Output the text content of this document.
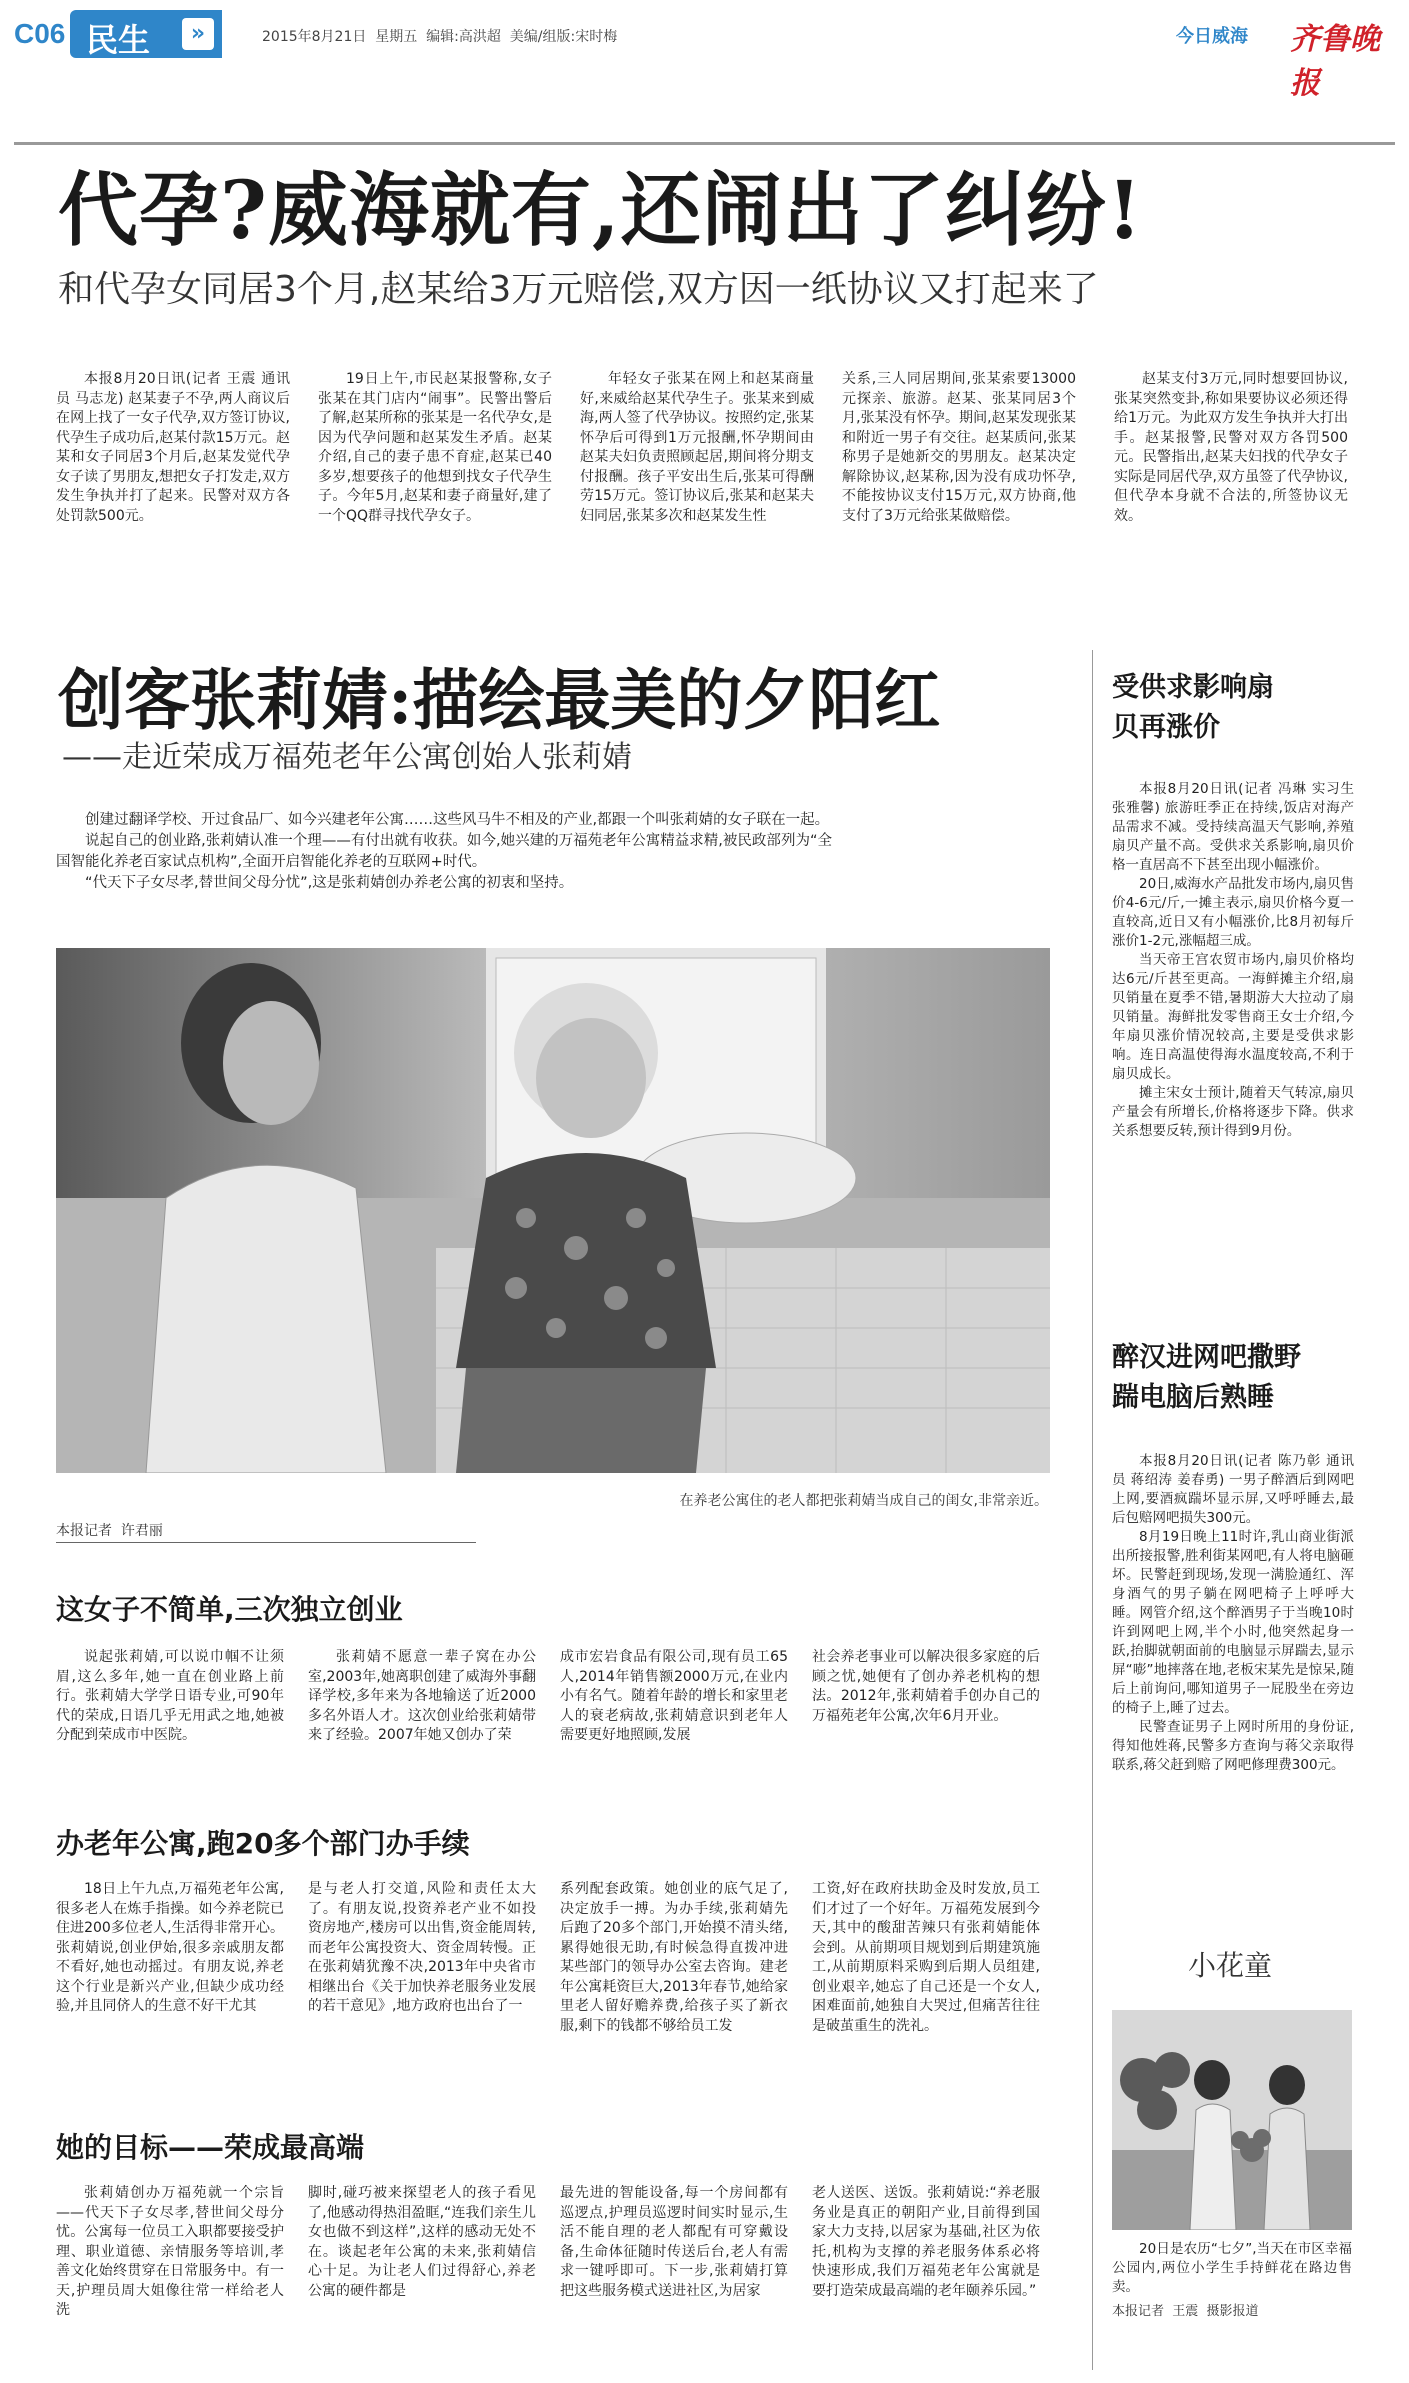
C06 民生	»	2015年8月21日  星期五  编辑:高洪超  美编/组版:宋时梅	今日威海 齐鲁晚报
代孕?威海就有,还闹出了纠纷!
和代孕女同居3个月,赵某给3万元赔偿,双方因一纸协议又打起来了
本报8月20日讯(记者 王震 通讯员 马志龙) 赵某妻子不孕,两人商议后在网上找了一女子代孕,双方签订协议,代孕生子成功后,赵某付款15万元。赵某和女子同居3个月后,赵某发觉代孕女子读了男朋友,想把女子打发走,双方发生争执并打了起来。民警对双方各处罚款500元。
19日上午,市民赵某报警称,女子张某在其门店内“闹事”。民警出警后了解,赵某所称的张某是一名代孕女,是因为代孕问题和赵某发生矛盾。赵某介绍,自己的妻子患不育症,赵某已40多岁,想要孩子的他想到找女子代孕生子。今年5月,赵某和妻子商量好,建了一个QQ群寻找代孕女子。
年轻女子张某在网上和赵某商量好,来威给赵某代孕生子。张某来到威海,两人签了代孕协议。按照约定,张某怀孕后可得到1万元报酬,怀孕期间由赵某夫妇负责照顾起居,期间将分期支付报酬。孩子平安出生后,张某可得酬劳15万元。签订协议后,张某和赵某夫妇同居,张某多次和赵某发生性
关系,三人同居期间,张某索要13000元探亲、旅游。赵某、张某同居3个月,张某没有怀孕。期间,赵某发现张某和附近一男子有交往。赵某质问,张某称男子是她新交的男朋友。赵某决定解除协议,赵某称,因为没有成功怀孕,不能按协议支付15万元,双方协商,他支付了3万元给张某做赔偿。
赵某支付3万元,同时想要回协议,张某突然变卦,称如果要协议必须还得给1万元。为此双方发生争执并大打出手。赵某报警,民警对双方各罚500元。民警指出,赵某夫妇找的代孕女子实际是同居代孕,双方虽签了代孕协议,但代孕本身就不合法的,所签协议无效。
创客张莉婧:描绘最美的夕阳红
——走近荣成万福苑老年公寓创始人张莉婧

创建过翻译学校、开过食品厂、如今兴建老年公寓……这些风马牛不相及的产业,都跟一个叫张莉婧的女子联在一起。

说起自己的创业路,张莉婧认准一个理——有付出就有收获。如今,她兴建的万福苑老年公寓精益求精,被民政部列为“全国智能化养老百家试点机构”,全面开启智能化养老的互联网+时代。

“代天下子女尽孝,替世间父母分忧”,这是张莉婧创办养老公寓的初衷和坚持。

在养老公寓住的老人都把张莉婧当成自己的闺女,非常亲近。
本报记者  许君丽
这女子不简单,三次独立创业
说起张莉婧,可以说巾帼不让须眉,这么多年,她一直在创业路上前行。张莉婧大学学日语专业,可90年代的荣成,日语几乎无用武之地,她被分配到荣成市中医院。
张莉婧不愿意一辈子窝在办公室,2003年,她离职创建了威海外事翻译学校,多年来为各地输送了近2000多名外语人才。这次创业给张莉婧带来了经验。2007年她又创办了荣
成市宏岩食品有限公司,现有员工65人,2014年销售额2000万元,在业内小有名气。随着年龄的增长和家里老人的衰老病故,张莉婧意识到老年人需要更好地照顾,发展
社会养老事业可以解决很多家庭的后顾之忧,她便有了创办养老机构的想法。2012年,张莉婧着手创办自己的万福苑老年公寓,次年6月开业。
办老年公寓,跑20多个部门办手续
18日上午九点,万福苑老年公寓,很多老人在炼手指操。如今养老院已住进200多位老人,生活得非常开心。张莉婧说,创业伊始,很多亲戚朋友都不看好,她也动摇过。有朋友说,养老这个行业是新兴产业,但缺少成功经验,并且同侪人的生意不好干尤其
是与老人打交道,风险和责任太大了。有朋友说,投资养老产业不如投资房地产,楼房可以出售,资金能周转,而老年公寓投资大、资金周转慢。正在张莉婧犹豫不决,2013年中央省市相继出台《关于加快养老服务业发展的若干意见》,地方政府也出台了一
系列配套政策。她创业的底气足了,决定放手一搏。为办手续,张莉婧先后跑了20多个部门,开始摸不清头绪,累得她很无助,有时候急得直拨冲进某些部门的领导办公室去咨询。建老年公寓耗资巨大,2013年春节,她给家里老人留好赡养费,给孩子买了新衣服,剩下的钱都不够给员工发
工资,好在政府扶助金及时发放,员工们才过了一个好年。万福苑发展到今天,其中的酸甜苦辣只有张莉婧能体会到。从前期项目规划到后期建筑施工,从前期原料采购到后期人员组建,创业艰辛,她忘了自己还是一个女人,困难面前,她独自大哭过,但痛苦往往是破茧重生的洗礼。
她的目标——荣成最高端
张莉婧创办万福苑就一个宗旨——代天下子女尽孝,替世间父母分忧。公寓每一位员工入职都要接受护理、职业道德、亲情服务等培训,孝善文化始终贯穿在日常服务中。有一天,护理员周大姐像往常一样给老人洗
脚时,碰巧被来探望老人的孩子看见了,他感动得热泪盈眶,“连我们亲生儿女也做不到这样”,这样的感动无处不在。谈起老年公寓的未来,张莉婧信心十足。为让老人们过得舒心,养老公寓的硬件都是
最先进的智能设备,每一个房间都有巡逻点,护理员巡逻时间实时显示,生活不能自理的老人都配有可穿戴设备,生命体征随时传送后台,老人有需求一键呼即可。下一步,张莉婧打算把这些服务模式送进社区,为居家
老人送医、送饭。张莉婧说:“养老服务业是真正的朝阳产业,目前得到国家大力支持,以居家为基础,社区为依托,机构为支撑的养老服务体系必将快速形成,我们万福苑老年公寓就是要打造荣成最高端的老年颐养乐园。”
受供求影响扇贝再涨价

本报8月20日讯(记者 冯琳 实习生 张雅馨) 旅游旺季正在持续,饭店对海产品需求不减。受持续高温天气影响,养殖扇贝产量不高。受供求关系影响,扇贝价格一直居高不下甚至出现小幅涨价。

20日,威海水产品批发市场内,扇贝售价4-6元/斤,一摊主表示,扇贝价格今夏一直较高,近日又有小幅涨价,比8月初每斤涨价1-2元,涨幅超三成。

当天帝王宫农贸市场内,扇贝价格均达6元/斤甚至更高。一海鲜摊主介绍,扇贝销量在夏季不错,暑期游大大拉动了扇贝销量。海鲜批发零售商王女士介绍,今年扇贝涨价情况较高,主要是受供求影响。连日高温使得海水温度较高,不利于扇贝成长。

摊主宋女士预计,随着天气转凉,扇贝产量会有所增长,价格将逐步下降。供求关系想要反转,预计得到9月份。

醉汉进网吧撒野踹电脑后熟睡

本报8月20日讯(记者 陈乃彰 通讯员 蒋绍涛 姜春勇) 一男子醉酒后到网吧上网,要酒疯踹坏显示屏,又呼呼睡去,最后包赔网吧损失300元。

8月19日晚上11时许,乳山商业街派出所接报警,胜利街某网吧,有人将电脑砸坏。民警赶到现场,发现一满脸通红、浑身酒气的男子躺在网吧椅子上呼呼大睡。网管介绍,这个醉酒男子于当晚10时许到网吧上网,半个小时,他突然起身一跃,抬脚就朝面前的电脑显示屏踹去,显示屏“嘭”地摔落在地,老板宋某先是惊呆,随后上前询问,哪知道男子一屁股坐在旁边的椅子上,睡了过去。

民警查证男子上网时所用的身份证,得知他姓蒋,民警多方查询与蒋父亲取得联系,蒋父赶到赔了网吧修理费300元。

小花童
20日是农历“七夕”,当天在市区幸福公园内,两位小学生手持鲜花在路边售卖。
本报记者  王震  摄影报道
